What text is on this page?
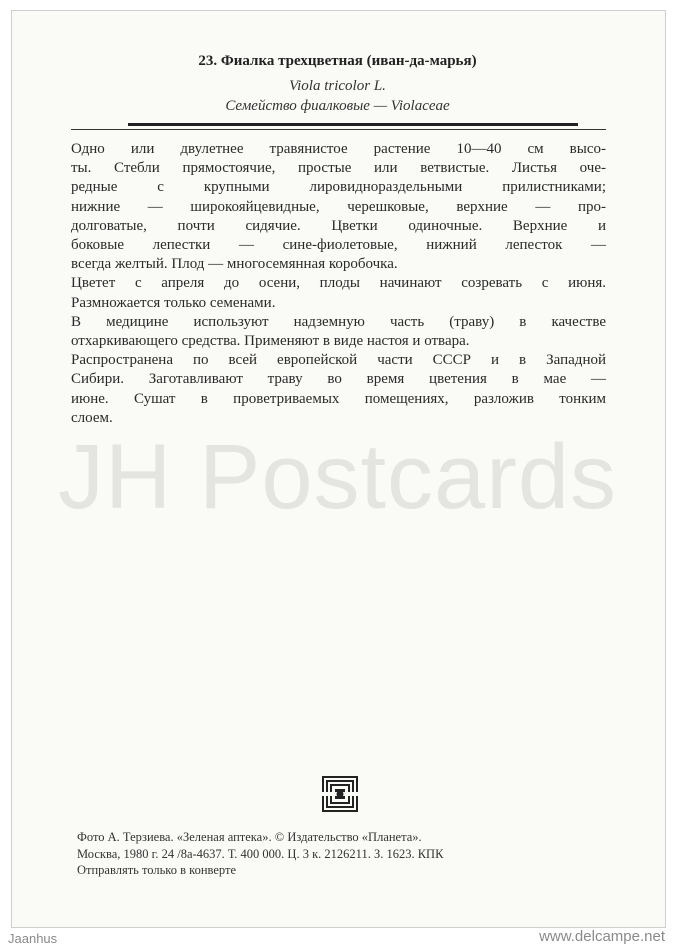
23. Фиалка трехцветная (иван-да-марья)
Viola tricolor L.
Семейство фиалковые — Violaceae
Одно или двулетнее травянистое растение 10—40 см высо-
ты. Стебли прямостоячие, простые или ветвистые. Листья оче-
редные с крупными лировиднораздельными прилистниками;
нижние — широкояйцевидные, черешковые, верхние — про-
долговатые, почти сидячие. Цветки одиночные. Верхние и
боковые лепестки — сине-фиолетовые, нижний лепесток —
всегда желтый. Плод — многосемянная коробочка.
Цветет с апреля до осени, плоды начинают созревать с июня.
Размножается только семенами.
В медицине используют надземную часть (траву) в качестве
отхаркивающего средства. Применяют в виде настоя и отвара.
Распространена по всей европейской части СССР и в Западной
Сибири. Заготавливают траву во время цветения в мае —
июне. Сушат в проветриваемых помещениях, разложив тонким
слоем.
JH Postcards
Фото А. Терзиева. «Зеленая аптека». © Издательство «Планета».
Москва, 1980 г. 24 /8а-4637. Т. 400 000. Ц. 3 к. 2126211. З. 1623. КПК
Отправлять только в конверте
Jaanhus	www.delcampe.net
